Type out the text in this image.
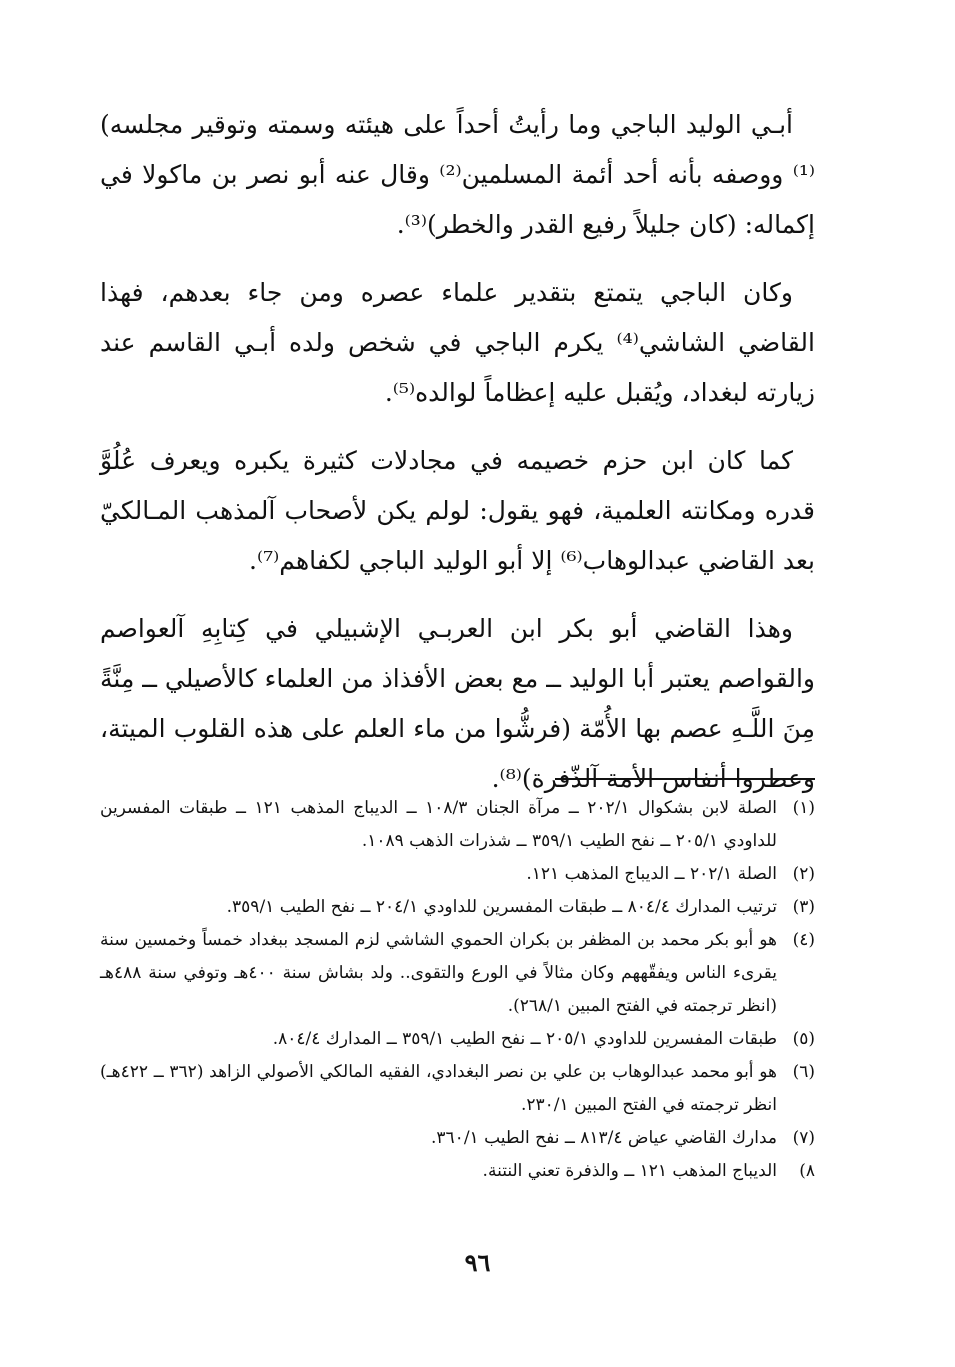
أبـي الوليد الباجي وما رأيتُ أحداً على هيئته وسمته وتوقير مجلسه)⁽¹⁾ ووصفه بأنه أحد أئمة المسلمين⁽²⁾ وقال عنه أبو نصر بن ماكولا في إكماله: (كان جليلاً رفيع القدر والخطر)⁽³⁾.

وكان الباجي يتمتع بتقدير علماء عصره ومن جاء بعدهم، فهذا القاضي الشاشي⁽⁴⁾ يكرم الباجي في شخص ولده أبـي القاسم عند زيارته لبغداد، ويُقبل عليه إعظاماً لوالده⁽⁵⁾.

كما كان ابن حزم خصيمه في مجادلات كثيرة يكبره ويعرف عُلُوَّ قدره ومكانته العلمية، فهو يقول: لولم يكن لأصحاب آلمذهب المـالكيّ بعد القاضي عبدالوهاب⁽⁶⁾ إلا أبو الوليد الباجي لكفاهم⁽⁷⁾.

وهذا القاضي أبو بكر ابن العربـي الإشبيلي في كِتابِهِ آلعواصم والقواصم يعتبر أبا الوليد ــ مع بعض الأفذاذ من العلماء كالأصيلي ــ مِنَّةً مِنَ اللَّـهِ عصم بها الأُمّة (فرشُّوا من ماء العلم على هذه القلوب الميتة، وعطروا أنفاس الأمة آلذّفرة)⁽⁸⁾.

(١)
الصلة لابن بشكوال ٢٠٢/١ ــ مرآة الجنان ١٠٨/٣ ــ الديباج المذهب ١٢١ ــ طبقات المفسرين للداودي ٢٠٥/١ ــ نفح الطيب ٣٥٩/١ ــ شذرات الذهب ١٠٨٩.
(٢)
الصلة ٢٠٢/١ ــ الديباج المذهب ١٢١.
(٣)
ترتيب المدارك ٨٠٤/٤ ــ طبقات المفسرين للداودي ٢٠٤/١ ــ نفح الطيب ٣٥٩/١.
(٤)
هو أبو بكر محمد بن المظفر بن بكران الحموي الشاشي لزم المسجد ببغداد خمساً وخمسين سنة يقرىء الناس ويفقّههم وكان مثالاً في الورع والتقوى.. ولد بشاش سنة ٤٠٠هـ وتوفي سنة ٤٨٨هـ (انظر ترجمته في الفتح المبين ٢٦٨/١).
(٥)
طبقات المفسرين للداودي ٢٠٥/١ ــ نفح الطيب ٣٥٩/١ ــ المدارك ٨٠٤/٤.
(٦)
هو أبو محمد عبدالوهاب بن علي بن نصر البغدادي، الفقيه المالكي الأصولي الزاهد (٣٦٢ ــ ٤٢٢هـ) انظر ترجمته في الفتح المبين ٢٣٠/١.
(٧)
مدارك القاضي عياض ٨١٣/٤ ــ نفح الطيب ٣٦٠/١.
٨)
الديباج المذهب ١٢١ ــ والذفرة تعني النتنة.
٩٦
